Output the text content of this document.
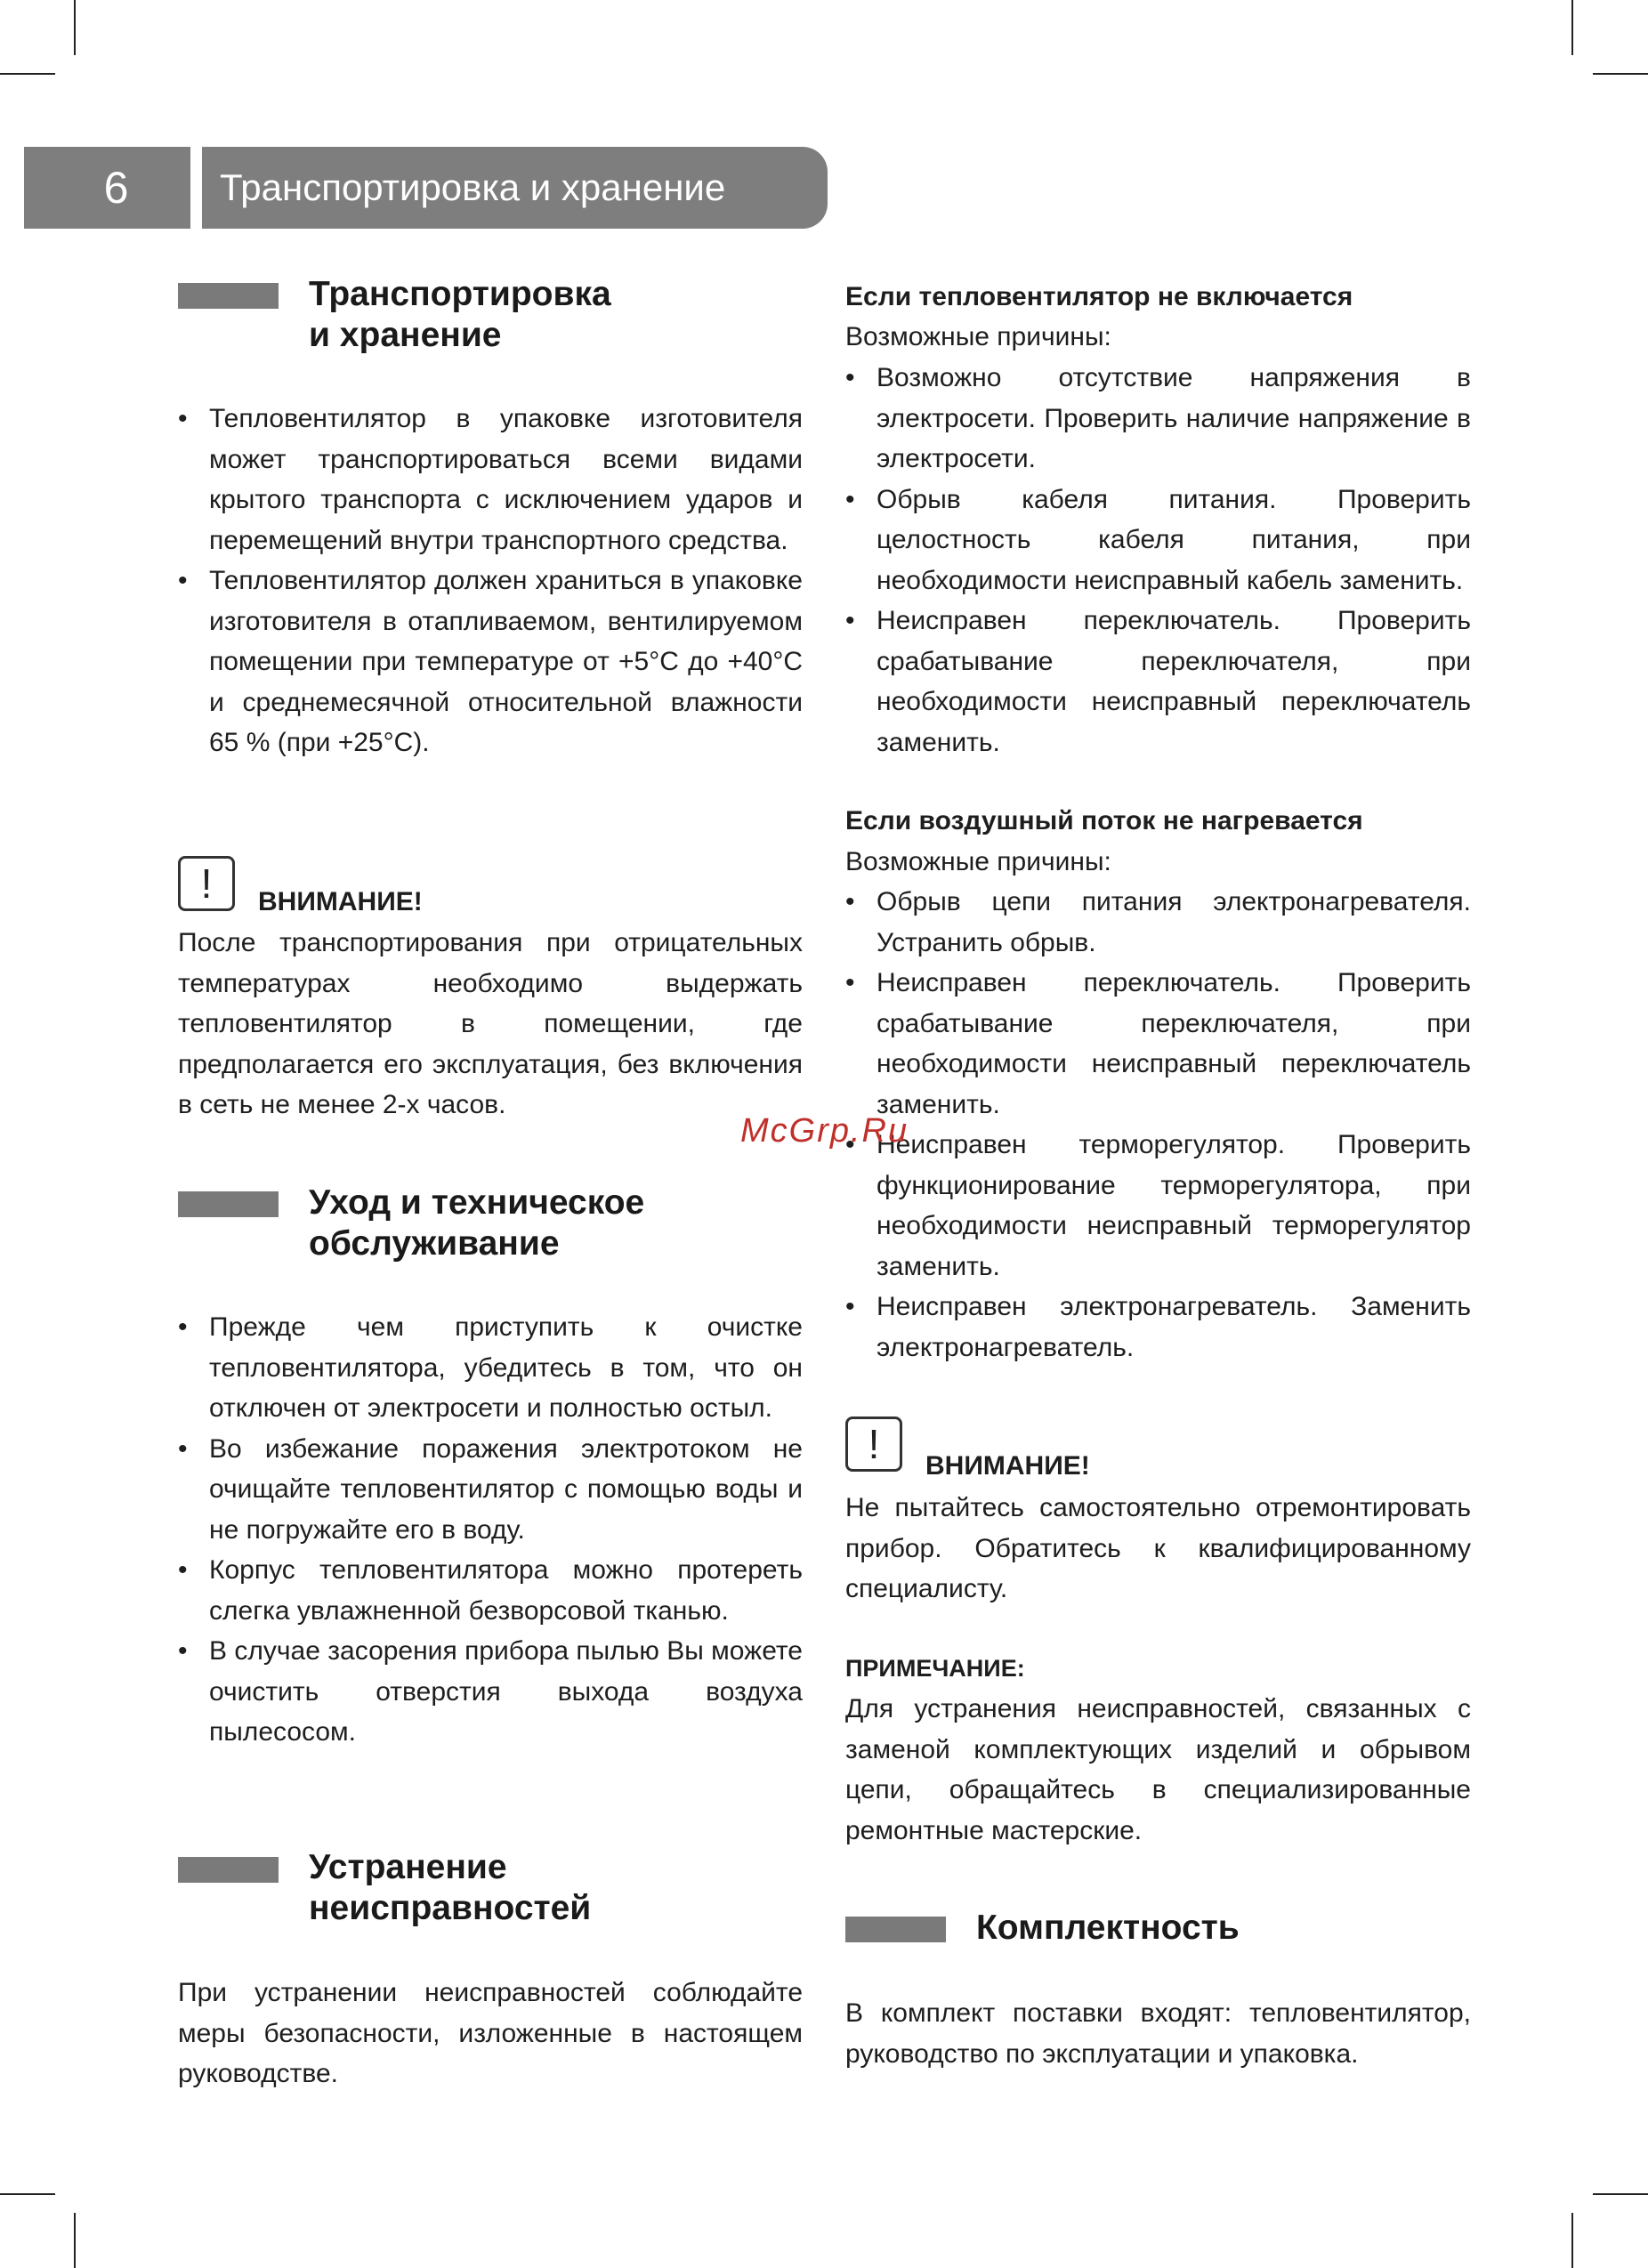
6	Транспортировка и хранение
Транспортировка
и хранение
• Тепловентилятор в упаковке изготовителя может транспортироваться всеми видами крытого транспорта с исключением ударов и перемещений внутри транспортного средства.
• Тепловентилятор должен храниться в упаковке изготовителя в отапливаемом, вентилируемом помещении при температуре от +5°С до +40°С и среднемесячной относительной влажности 65 % (при +25°С).
!	ВНИМАНИЕ!

После транспортирования при отрицательных температурах необходимо выдержать тепловентилятор в помещении, где предполагается его эксплуатация, без включения в сеть не менее 2-х часов.

Уход и техническое
обслуживание
• Прежде чем приступить к очистке тепловентилятора, убедитесь в том, что он отключен от электросети и полностью остыл.
• Во избежание поражения электротоком не очищайте тепловентилятор с помощью воды и не погружайте его в воду.
• Корпус тепловентилятора можно протереть слегка увлажненной безворсовой тканью.
• В случае засорения прибора пылью Вы можете очистить отверстия выхода воздуха пылесосом.
Устранение
неисправностей

При устранении неисправностей соблюдайте меры безопасности, изложенные в настоящем руководстве.

Если тепловентилятор не включается
Возможные причины:
• Возможно отсутствие напряжения в электросети. Проверить наличие напряжение в электросети.
• Обрыв кабеля питания. Проверить целостность кабеля питания, при необходимости неисправный кабель заменить.
• Неисправен переключатель. Проверить срабатывание переключателя, при необходимости неисправный переключатель заменить.
Если воздушный поток не нагревается
Возможные причины:
• Обрыв цепи питания электронагревателя. Устранить обрыв.
• Неисправен переключатель. Проверить срабатывание переключателя, при необходимости неисправный переключатель заменить.
• Неисправен терморегулятор. Проверить функционирование терморегулятора, при необходимости неисправный терморегулятор заменить.
• Неисправен электронагреватель. Заменить электронагреватель.
!	ВНИМАНИЕ!

Не пытайтесь самостоятельно отремонтировать прибор. Обратитесь к квалифицированному специалисту.

ПРИМЕЧАНИЕ:

Для устранения неисправностей, связанных с заменой комплектующих изделий и обрывом цепи, обращайтесь в специализированные ремонтные мастерские.

Комплектность

В комплект поставки входят: тепловентилятор, руководство по эксплуатации и упаковка.

McGrp.Ru
